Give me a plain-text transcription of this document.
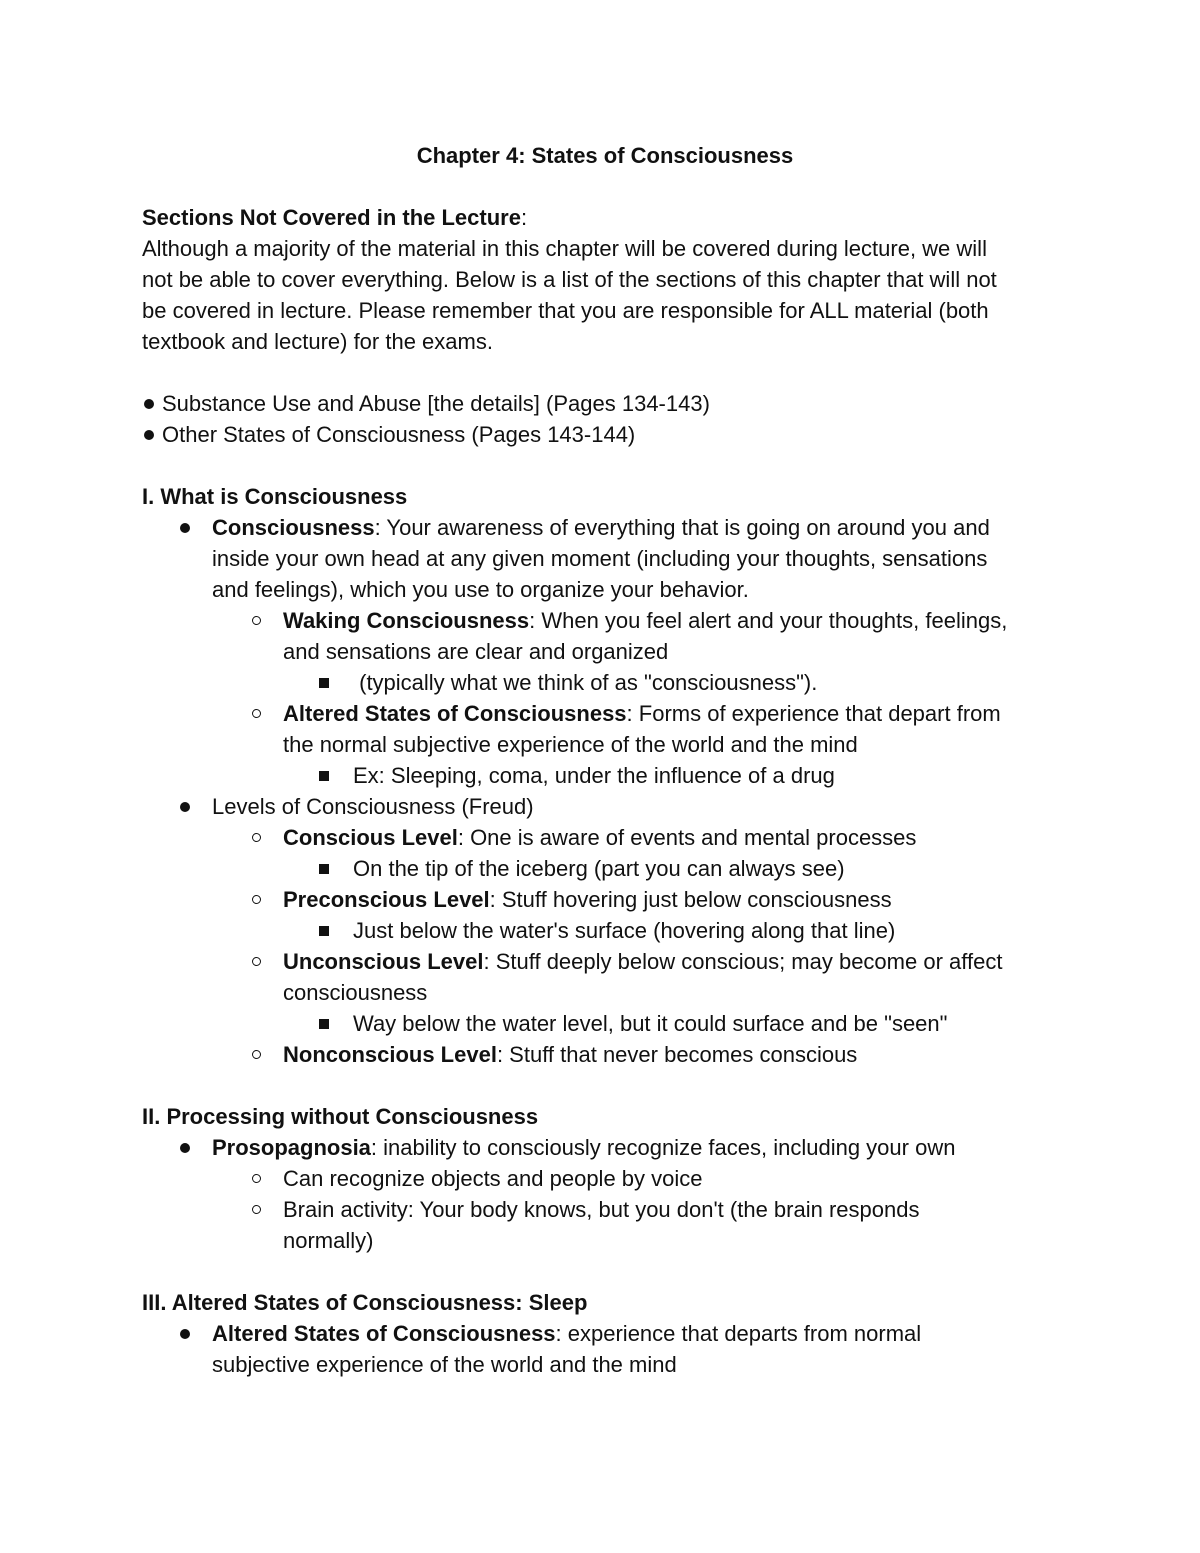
Chapter 4: States of Consciousness

Sections Not Covered in the Lecture:

Although a majority of the material in this chapter will be covered during lecture, we will

not be able to cover everything. Below is a list of the sections of this chapter that will not

be covered in lecture. Please remember that you are responsible for ALL material (both

textbook and lecture) for the exams.

Substance Use and Abuse [the details] (Pages 134-143)

Other States of Consciousness (Pages 143-144)

I. What is Consciousness

Consciousness: Your awareness of everything that is going on around you and

inside your own head at any given moment (including your thoughts, sensations

and feelings), which you use to organize your behavior.

Waking Consciousness: When you feel alert and your thoughts, feelings,

and sensations are clear and organized

(typically what we think of as "consciousness").

Altered States of Consciousness: Forms of experience that depart from

the normal subjective experience of the world and the mind

Ex: Sleeping, coma, under the influence of a drug

Levels of Consciousness (Freud)

Conscious Level: One is aware of events and mental processes

On the tip of the iceberg (part you can always see)

Preconscious Level: Stuff hovering just below consciousness

Just below the water's surface (hovering along that line)

Unconscious Level: Stuff deeply below conscious; may become or affect

consciousness

Way below the water level, but it could surface and be "seen"

Nonconscious Level: Stuff that never becomes conscious

II. Processing without Consciousness

Prosopagnosia: inability to consciously recognize faces, including your own

Can recognize objects and people by voice

Brain activity: Your body knows, but you don't (the brain responds

normally)

III. Altered States of Consciousness: Sleep

Altered States of Consciousness: experience that departs from normal

subjective experience of the world and the mind
